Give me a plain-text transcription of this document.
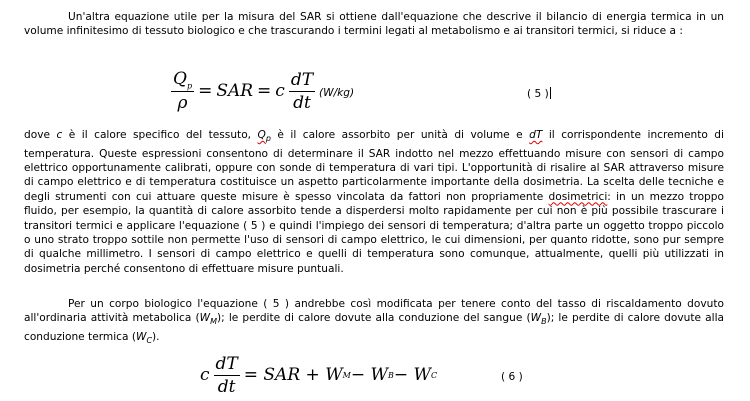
Un'altra equazione utile per la misura del SAR si ottiene dall'equazione che descrive il bilancio di energia termica in un volume infinitesimo di tessuto biologico e che trascurando i termini legati al metabolismo e ai transitori termici, si riduce a :

$\frac{Q_p}{\rho}$ = SAR = c $\frac{dT}{dt} (W/kg)$	( 5 )

dove c è il calore specifico del tessuto, $Q_p$ è il calore assorbito per unità di volume e dT il corrispondente incremento di temperatura. Queste espressioni consentono di determinare il SAR indotto nel mezzo effettuando misure con sensori di campo elettrico opportunamente calibrati, oppure con sonde di temperatura di vari tipi. L'opportunità di risalire al SAR attraverso misure di campo elettrico e di temperatura costituisce un aspetto particolarmente importante della dosimetria. La scelta delle tecniche e degli strumenti con cui attuare queste misure è spesso vincolata da fattori non propriamente dosimetrici: in un mezzo troppo fluido, per esempio, la quantità di calore assorbito tende a disperdersi molto rapidamente per cui non è più possibile trascurare i transitori termici e applicare l'equazione ( 5 ) e quindi l'impiego dei sensori di temperatura; d'altra parte un oggetto troppo piccolo o uno strato troppo sottile non permette l'uso di sensori di campo elettrico, le cui dimensioni, per quanto ridotte, sono pur sempre di qualche millimetro. I sensori di campo elettrico e quelli di temperatura sono comunque, attualmente, quelli più utilizzati in dosimetria perché consentono di effettuare misure puntuali.

Per un corpo biologico l'equazione ( 5 ) andrebbe così modificata per tenere conto del tasso di riscaldamento dovuto all'ordinaria attività metabolica $(W_M)$; le perdite di calore dovute alla conduzione del sangue $(W_B)$; le perdite di calore dovute alla conduzione termica $(W_C)$.

c $\frac{dT}{dt}$ = SAR + W M − W B − W C	( 6 )
